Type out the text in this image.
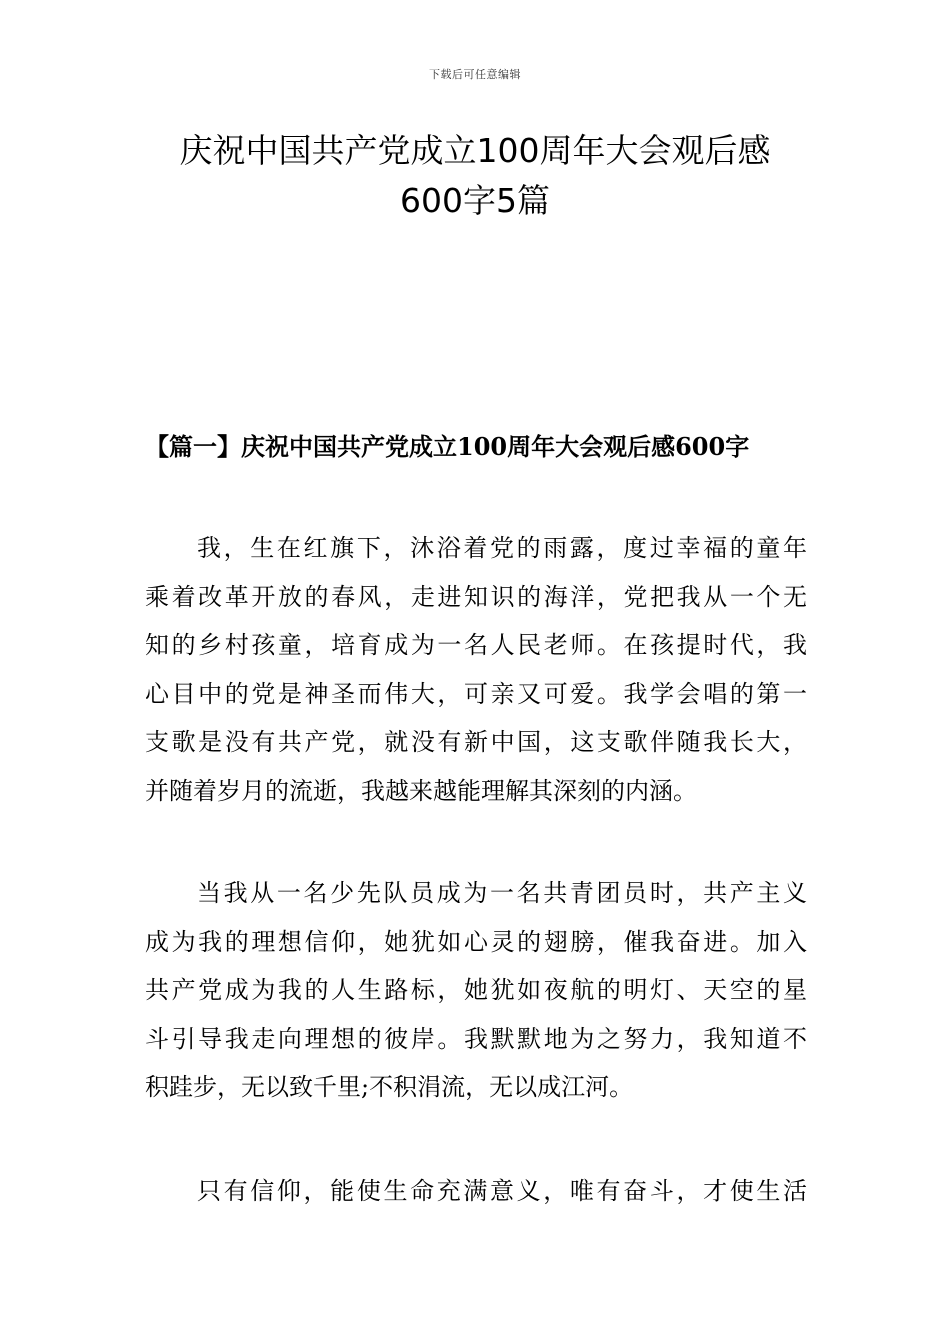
下载后可任意编辑
庆祝中国共产党成立100周年大会观后感
600字5篇
【篇一】庆祝中国共产党成立100周年大会观后感600字

我，生在红旗下，沐浴着党的雨露，度过幸福的童年
乘着改革开放的春风，走进知识的海洋，党把我从一个无
知的乡村孩童，培育成为一名人民老师。在孩提时代，我
心目中的党是神圣而伟大，可亲又可爱。我学会唱的第一
支歌是没有共产党，就没有新中国，这支歌伴随我长大，
并随着岁月的流逝，我越来越能理解其深刻的内涵。

当我从一名少先队员成为一名共青团员时，共产主义
成为我的理想信仰，她犹如心灵的翅膀，催我奋进。加入
共产党成为我的人生路标，她犹如夜航的明灯、天空的星
斗引导我走向理想的彼岸。我默默地为之努力，我知道不
积跬步，无以致千里;不积涓流，无以成江河。

只有信仰，能使生命充满意义，唯有奋斗，才使生活
